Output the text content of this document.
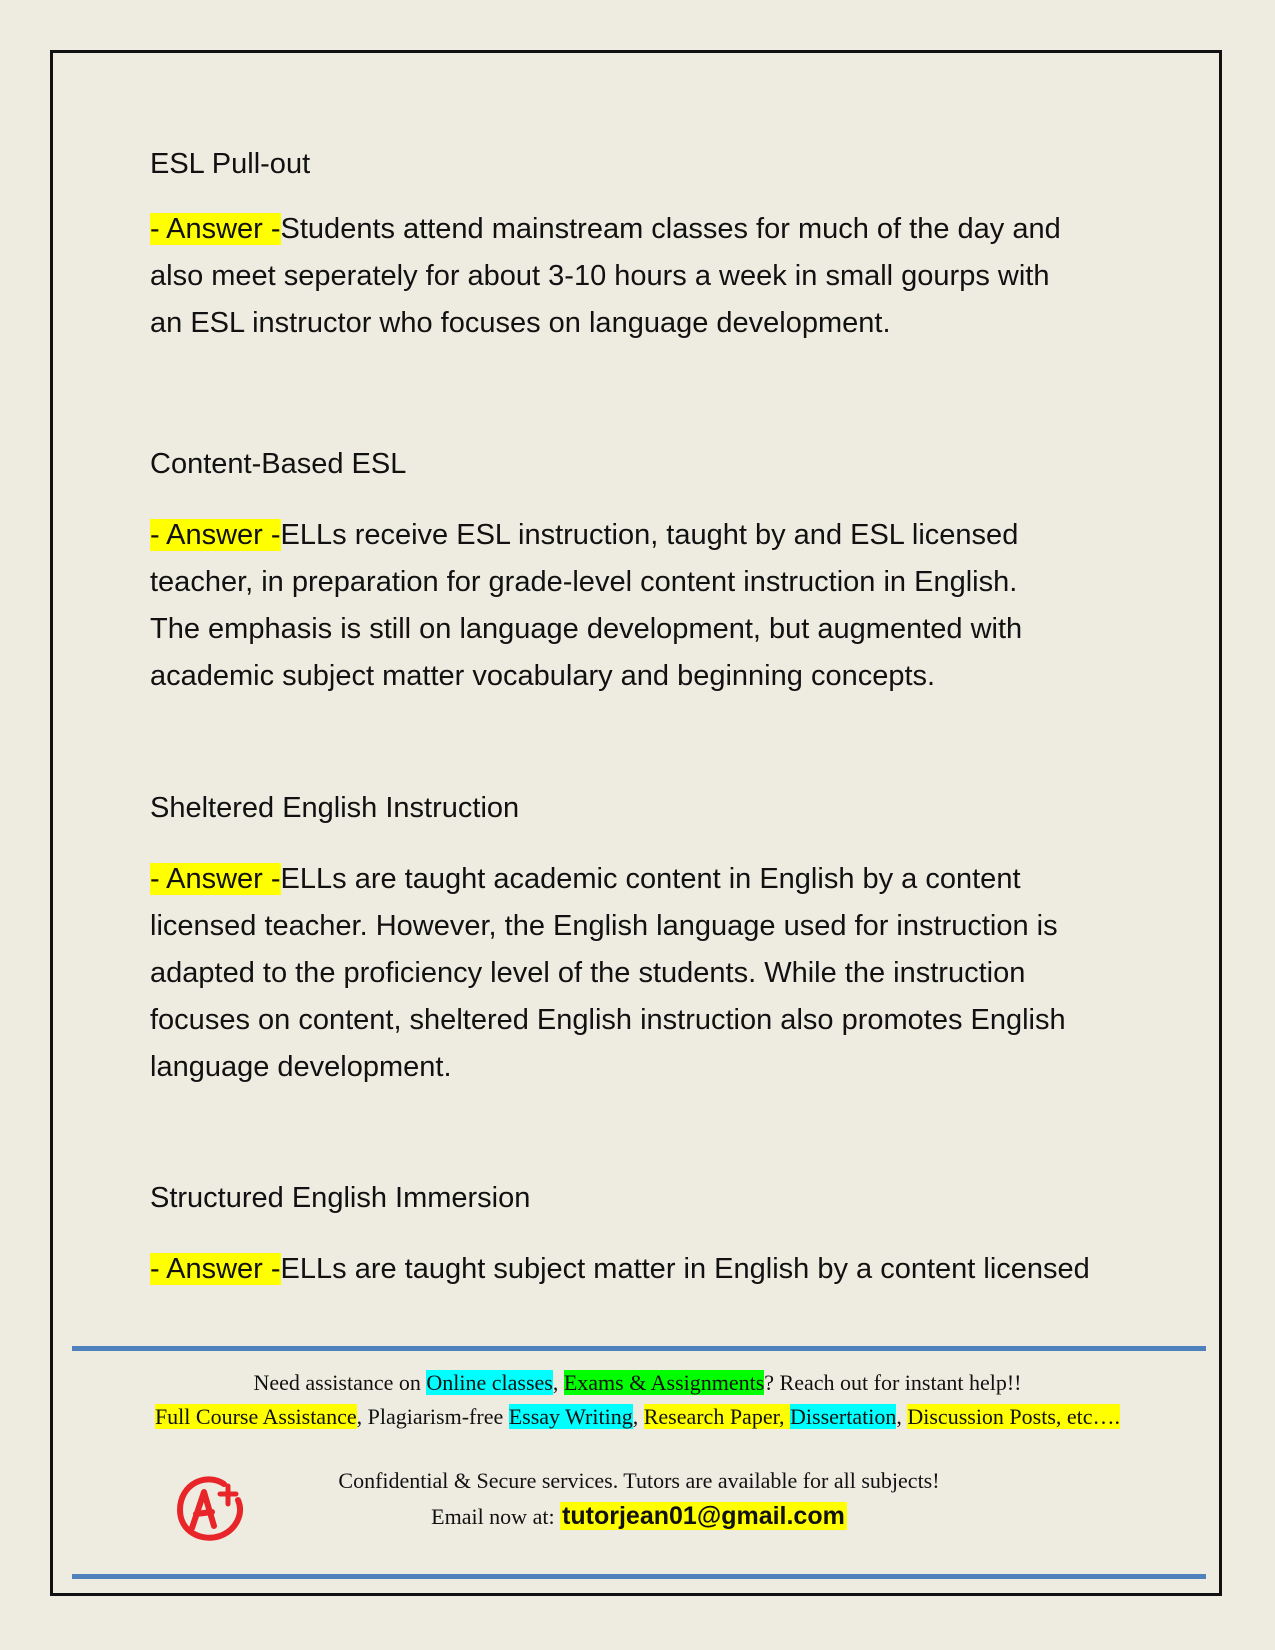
ESL Pull-out

- Answer -Students attend mainstream classes for much of the day and
also meet seperately for about 3-10 hours a week in small gourps with
an ESL instructor who focuses on language development.

Content-Based ESL

- Answer -ELLs receive ESL instruction, taught by and ESL licensed
teacher, in preparation for grade-level content instruction in English.
The emphasis is still on language development, but augmented with
academic subject matter vocabulary and beginning concepts.

Sheltered English Instruction

- Answer -ELLs are taught academic content in English by a content
licensed teacher. However, the English language used for instruction is
adapted to the proficiency level of the students. While the instruction
focuses on content, sheltered English instruction also promotes English
language development.

Structured English Immersion

- Answer -ELLs are taught subject matter in English by a content licensed
Need assistance on Online classes, Exams & Assignments? Reach out for instant help!!
Full Course Assistance, Plagiarism-free Essay Writing, Research Paper, Dissertation, Discussion Posts, etc….
Confidential & Secure services. Tutors are available for all subjects!
Email now at: tutorjean01@gmail.com
